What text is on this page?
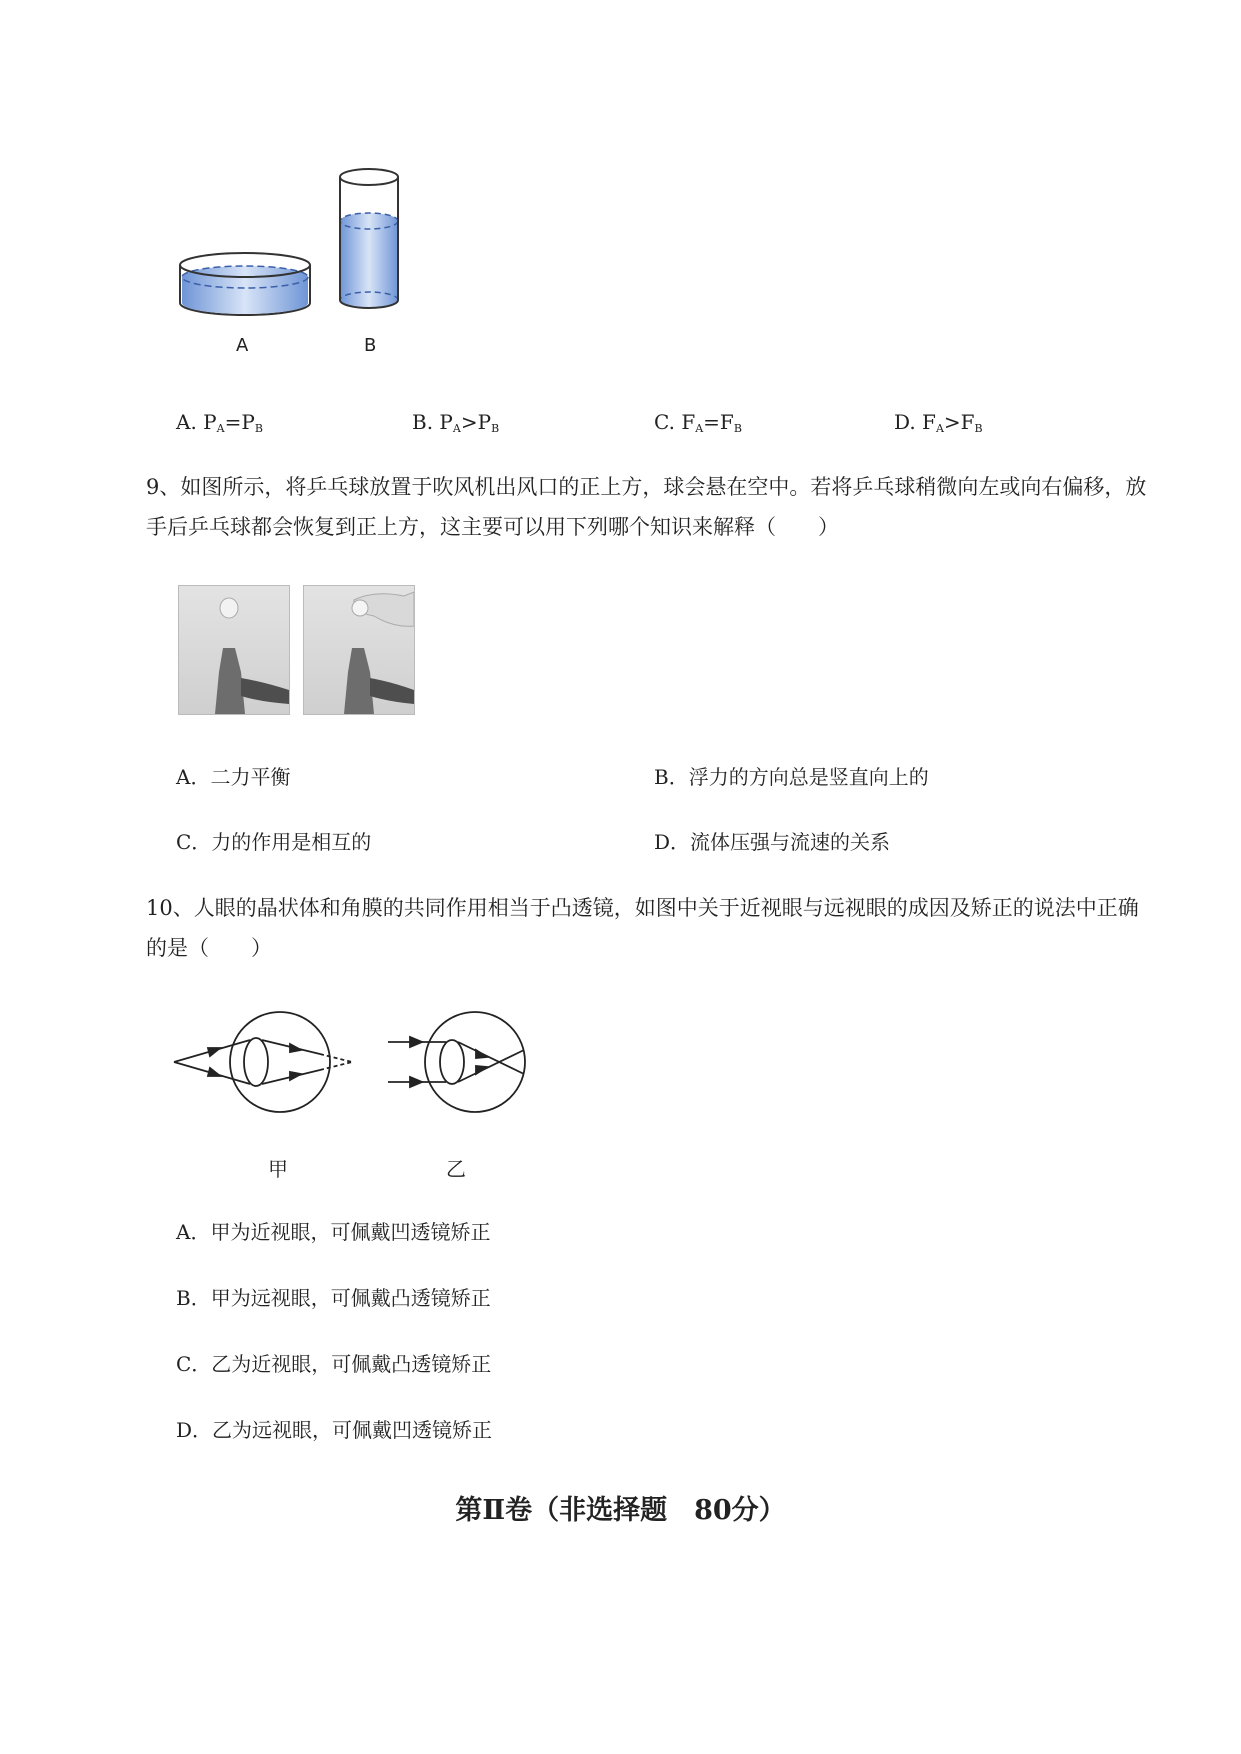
A	B
A. $P_A=P_B$	B. $P_A>P_B$	C. $F_A=F_B$	D. $F_A>F_B$
9、如图所示，将乒乓球放置于吹风机出风口的正上方，球会悬在空中。若将乒乓球稍微向左或向右偏移，放手后乒乓球都会恢复到正上方，这主要可以用下列哪个知识来解释（　　）
A．二力平衡	B．浮力的方向总是竖直向上的
C．力的作用是相互的	D．流体压强与流速的关系
10、人眼的晶状体和角膜的共同作用相当于凸透镜，如图中关于近视眼与远视眼的成因及矫正的说法中正确的是（　　）
甲	乙
A．甲为近视眼，可佩戴凹透镜矫正
B．甲为远视眼，可佩戴凸透镜矫正
C．乙为近视眼，可佩戴凸透镜矫正
D．乙为远视眼，可佩戴凹透镜矫正
第Ⅱ卷（非选择题　80分）
